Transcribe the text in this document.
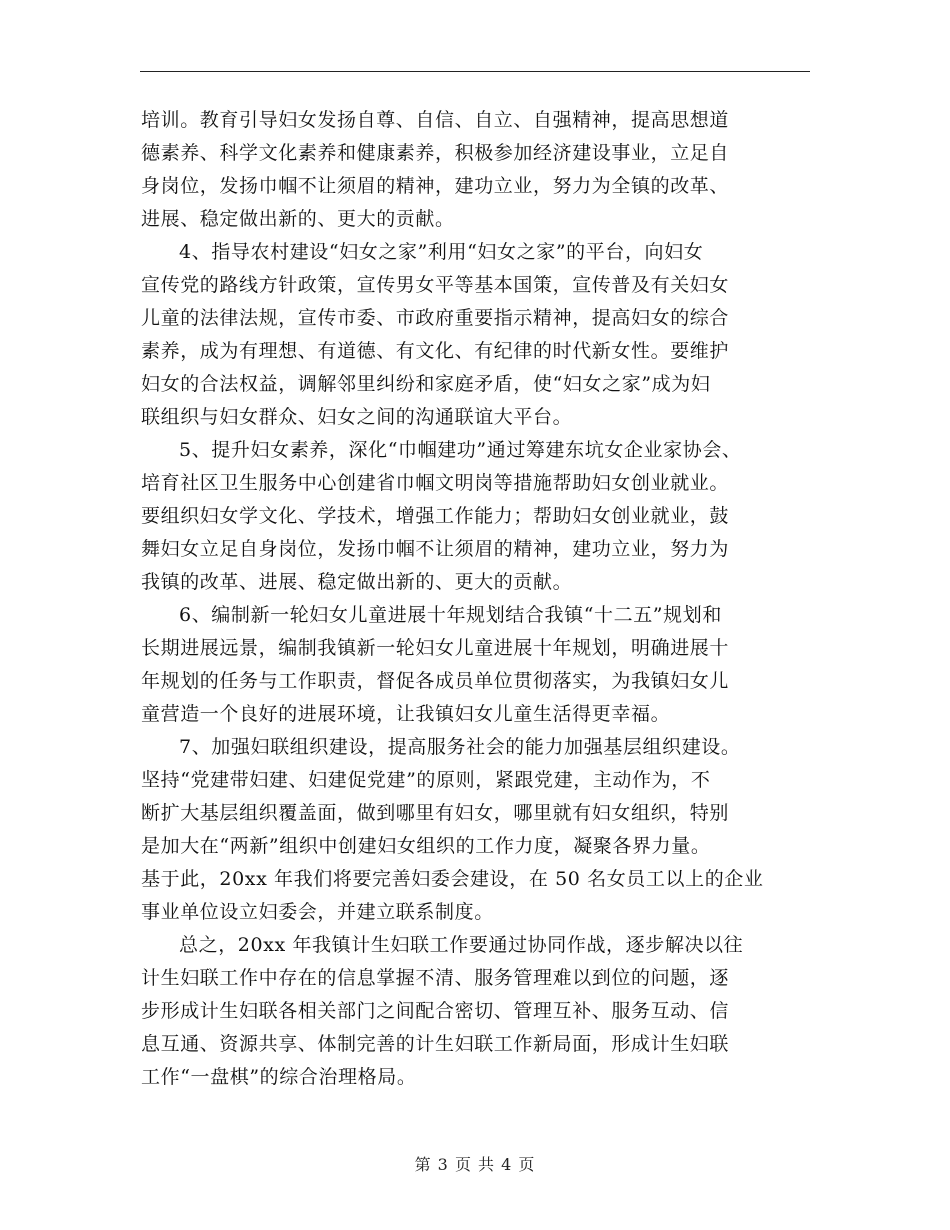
培训。教育引导妇女发扬自尊、自信、自立、自强精神，提高思想道
德素养、科学文化素养和健康素养，积极参加经济建设事业，立足自
身岗位，发扬巾帼不让须眉的精神，建功立业，努力为全镇的改革、
进展、稳定做出新的、更大的贡献。
4、指导农村建设“妇女之家”利用“妇女之家”的平台，向妇女
宣传党的路线方针政策，宣传男女平等基本国策，宣传普及有关妇女
儿童的法律法规，宣传市委、市政府重要指示精神，提高妇女的综合
素养，成为有理想、有道德、有文化、有纪律的时代新女性。要维护
妇女的合法权益，调解邻里纠纷和家庭矛盾，使“妇女之家”成为妇
联组织与妇女群众、妇女之间的沟通联谊大平台。
5、提升妇女素养，深化“巾帼建功”通过筹建东坑女企业家协会、
培育社区卫生服务中心创建省巾帼文明岗等措施帮助妇女创业就业。
要组织妇女学文化、学技术，增强工作能力；帮助妇女创业就业，鼓
舞妇女立足自身岗位，发扬巾帼不让须眉的精神，建功立业，努力为
我镇的改革、进展、稳定做出新的、更大的贡献。
6、编制新一轮妇女儿童进展十年规划结合我镇“十二五”规划和
长期进展远景，编制我镇新一轮妇女儿童进展十年规划，明确进展十
年规划的任务与工作职责，督促各成员单位贯彻落实，为我镇妇女儿
童营造一个良好的进展环境，让我镇妇女儿童生活得更幸福。
7、加强妇联组织建设，提高服务社会的能力加强基层组织建设。
坚持“党建带妇建、妇建促党建”的原则，紧跟党建，主动作为，不
断扩大基层组织覆盖面，做到哪里有妇女，哪里就有妇女组织，特别
是加大在“两新”组织中创建妇女组织的工作力度，凝聚各界力量。
基于此，20xx 年我们将要完善妇委会建设，在 50 名女员工以上的企业
事业单位设立妇委会，并建立联系制度。
总之，20xx 年我镇计生妇联工作要通过协同作战，逐步解决以往
计生妇联工作中存在的信息掌握不清、服务管理难以到位的问题，逐
步形成计生妇联各相关部门之间配合密切、管理互补、服务互动、信
息互通、资源共享、体制完善的计生妇联工作新局面，形成计生妇联
工作“一盘棋”的综合治理格局。
第 3 页 共 4 页
